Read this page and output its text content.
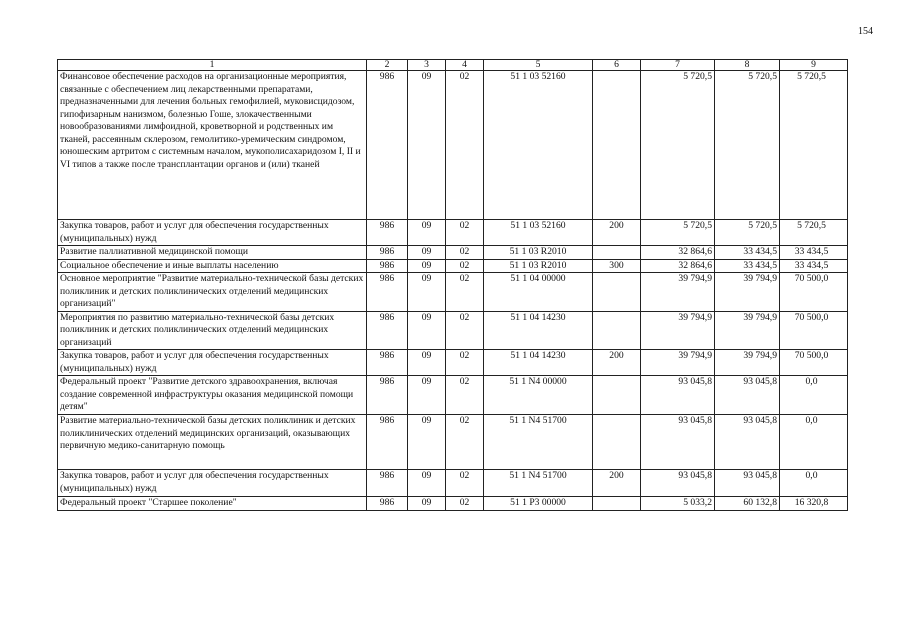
154
1	2	3	4	5	6	7	8	9
Финансовое обеспечение расходов на организационные мероприятия, связанные с обеспечением лиц лекарственными препаратами, предназначенными для лечения больных гемофилией, муковисцидозом, гипофизарным нанизмом, болезнью Гоше, злокачественными новообразованиями лимфоидной, кроветворной и родственных им тканей, рассеянным склерозом, гемолитико-уремическим синдромом, юношеским артритом с системным началом, мукополисахаридозом I, II и VI типов а также после трансплантации органов и (или) тканей	986	09	02	51 1 03 52160		5 720,5	5 720,5	5 720,5
Закупка товаров, работ и услуг для обеспечения государственных (муниципальных) нужд	986	09	02	51 1 03 52160	200	5 720,5	5 720,5	5 720,5
Развитие паллиативной медицинской помощи	986	09	02	51 1 03 R2010		32 864,6	33 434,5	33 434,5
Социальное обеспечение и иные выплаты населению	986	09	02	51 1 03 R2010	300	32 864,6	33 434,5	33 434,5
Основное мероприятие "Развитие материально-технической базы детских поликлиник и детских поликлинических отделений медицинских организаций"	986	09	02	51 1 04 00000		39 794,9	39 794,9	70 500,0
Мероприятия по развитию материально-технической базы детских поликлиник и детских поликлинических отделений медицинских организаций	986	09	02	51 1 04 14230		39 794,9	39 794,9	70 500,0
Закупка товаров, работ и услуг для обеспечения государственных (муниципальных) нужд	986	09	02	51 1 04 14230	200	39 794,9	39 794,9	70 500,0
Федеральный проект "Развитие детского здравоохранения, включая создание современной инфраструктуры оказания медицинской помощи детям"	986	09	02	51 1 N4 00000		93 045,8	93 045,8	0,0
Развитие материально-технической базы детских поликлиник и детских поликлинических отделений медицинских организаций, оказывающих первичную медико-санитарную помощь	986	09	02	51 1 N4 51700		93 045,8	93 045,8	0,0
Закупка товаров, работ и услуг для обеспечения государственных (муниципальных) нужд	986	09	02	51 1 N4 51700	200	93 045,8	93 045,8	0,0
Федеральный проект "Старшее поколение"	986	09	02	51 1 P3 00000		5 033,2	60 132,8	16 320,8
